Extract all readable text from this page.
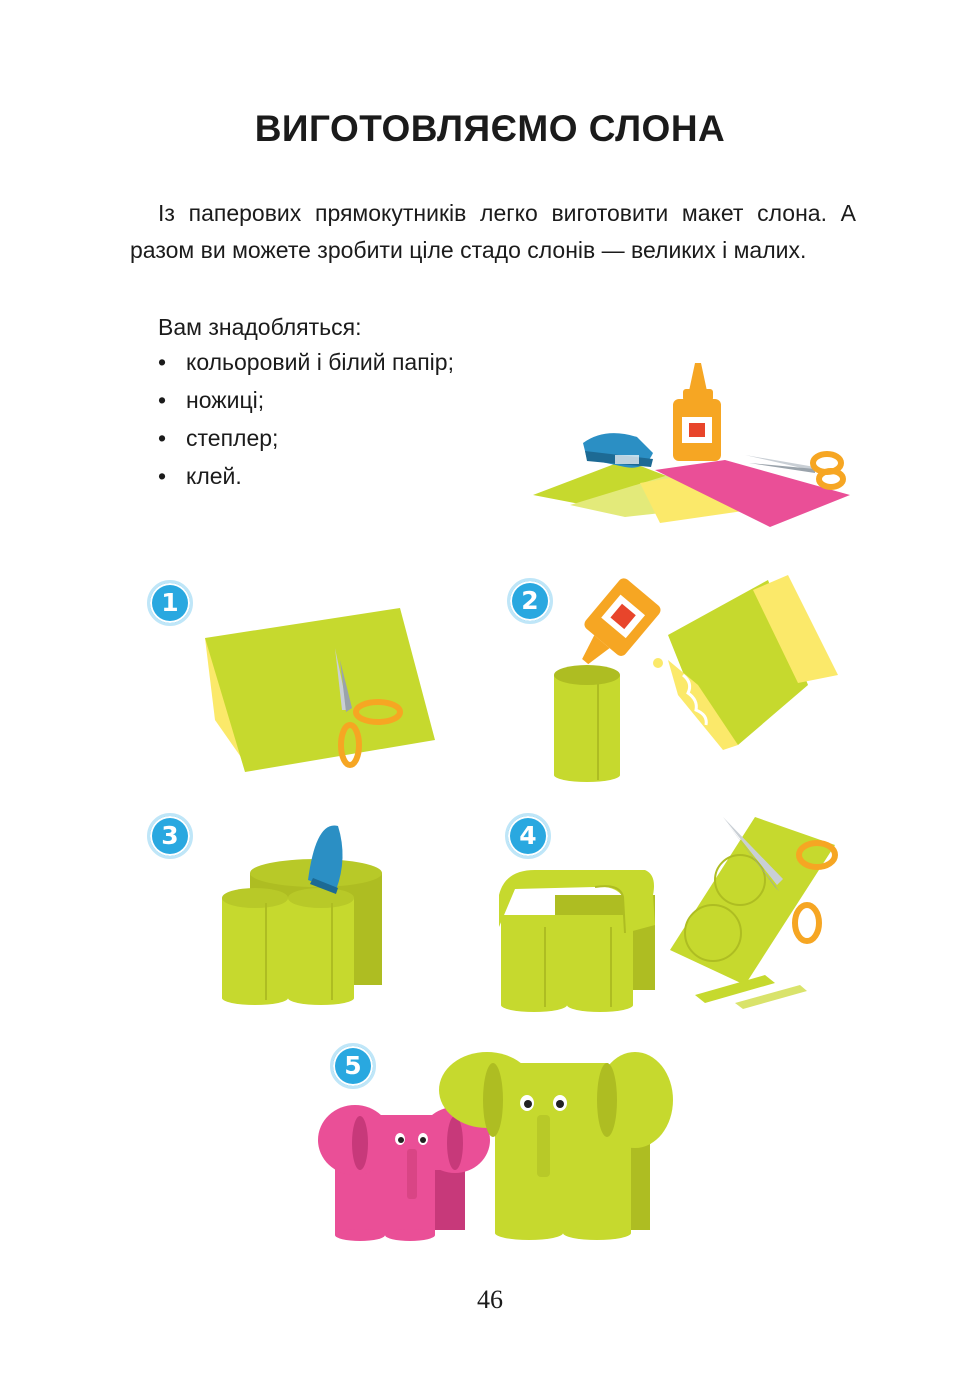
ВИГОТОВЛЯЄМО СЛОНА

Із паперових прямокутників легко виготовити макет слона. А разом ви можете зробити ціле стадо слонів — великих і малих.

Вам знадобляться:

• кольоровий і білий папір;
• ножиці;
• степлер;
• клей.
1	2
3	4
5
46
